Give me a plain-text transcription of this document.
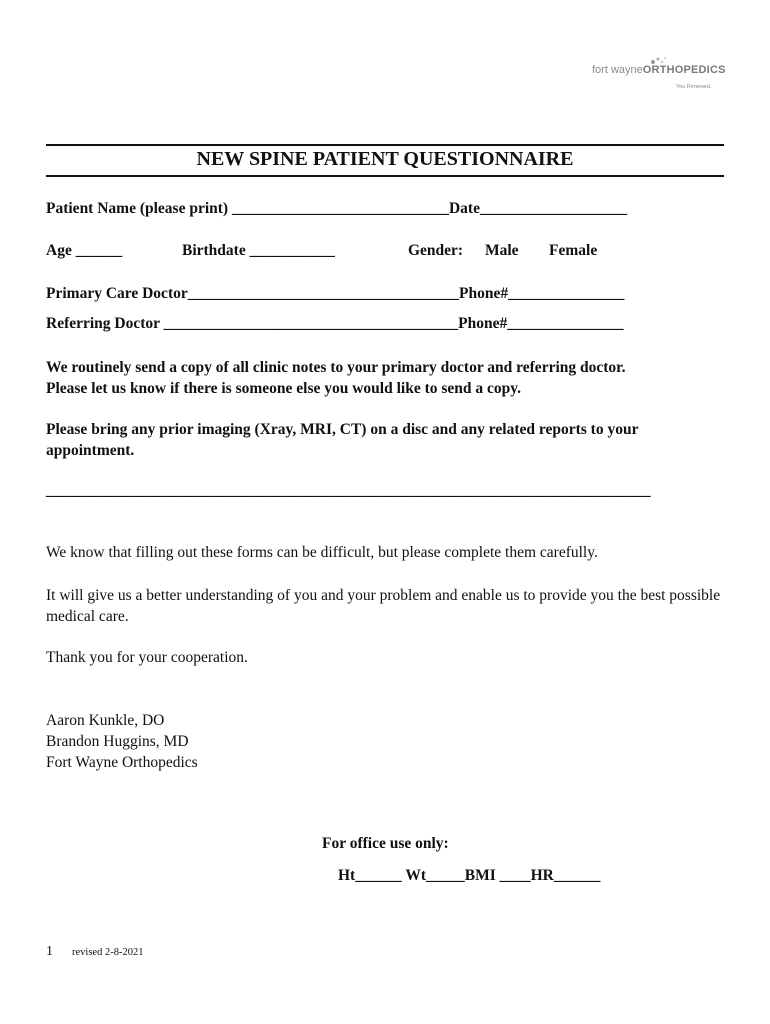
fort wayneORTHOPEDICS
You Renewed.
NEW SPINE PATIENT QUESTIONNAIRE
Patient Name (please print) ____________________________Date___________________
Age ______	Birthdate ___________	Gender: Male Female
Primary Care Doctor___________________________________Phone#_______________
Referring Doctor ______________________________________Phone#_______________
We routinely send a copy of all clinic notes to your primary doctor and referring doctor.
Please let us know if there is someone else you would like to send a copy.
Please bring any prior imaging (Xray, MRI, CT) on a disc and any related reports to your appointment.
______________________________________________________________________________
We know that filling out these forms can be difficult, but please complete them carefully.
It will give us a better understanding of you and your problem and enable us to provide you the best possible medical care.
Thank you for your cooperation.
Aaron Kunkle, DO
Brandon Huggins, MD
Fort Wayne Orthopedics
For office use only:
Ht______ Wt_____BMI ____HR______
1 revised 2-8-2021
